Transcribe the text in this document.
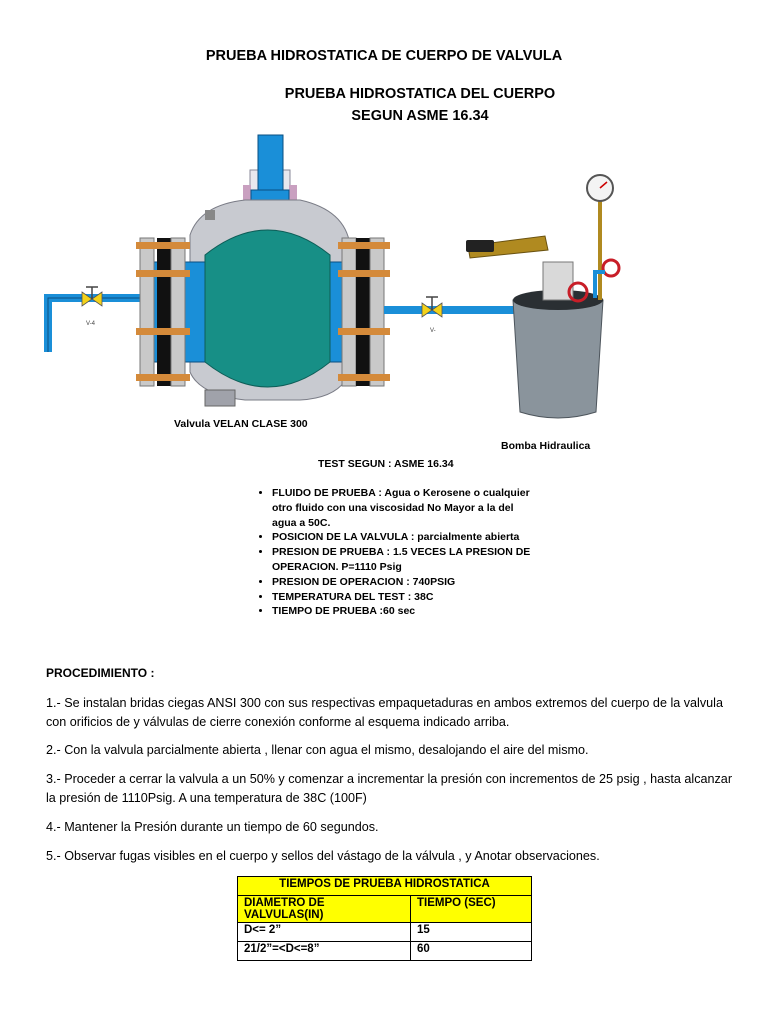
PRUEBA HIDROSTATICA DE CUERPO DE VALVULA
PRUEBA HIDROSTATICA DEL CUERPO
SEGUN ASME 16.34
V-4
V-
Valvula VELAN CLASE 300
Bomba Hidraulica
TEST SEGUN : ASME 16.34
• FLUIDO DE PRUEBA : Agua o Kerosene o cualquier otro fluido con una viscosidad No Mayor a la del agua a 50C.
• POSICION DE LA VALVULA : parcialmente abierta
• PRESION DE PRUEBA : 1.5 VECES LA PRESION DE OPERACION. P=1110 Psig
• PRESION DE OPERACION : 740PSIG
• TEMPERATURA DEL TEST : 38C
• TIEMPO DE PRUEBA :60 sec
PROCEDIMIENTO :
1.- Se instalan bridas ciegas ANSI 300 con sus respectivas empaquetaduras en ambos extremos del cuerpo de la valvula con orificios de y válvulas de cierre conexión conforme al esquema indicado arriba.
2.- Con la valvula parcialmente abierta , llenar con agua el mismo, desalojando el aire del mismo.
3.- Proceder a cerrar la valvula a un 50% y comenzar a incrementar la presión con incrementos de 25 psig , hasta alcanzar la presión de 1110Psig. A una temperatura de 38C (100F)
4.- Mantener la Presión durante un tiempo de 60 segundos.
5.- Observar fugas visibles en el cuerpo y sellos del vástago de la válvula , y Anotar observaciones.
TIEMPOS DE PRUEBA HIDROSTATICA	
DIAMETRO DE VALVULAS(IN)	TIEMPO (SEC)
D<= 2”	15
21/2”=<D<=8”	60
